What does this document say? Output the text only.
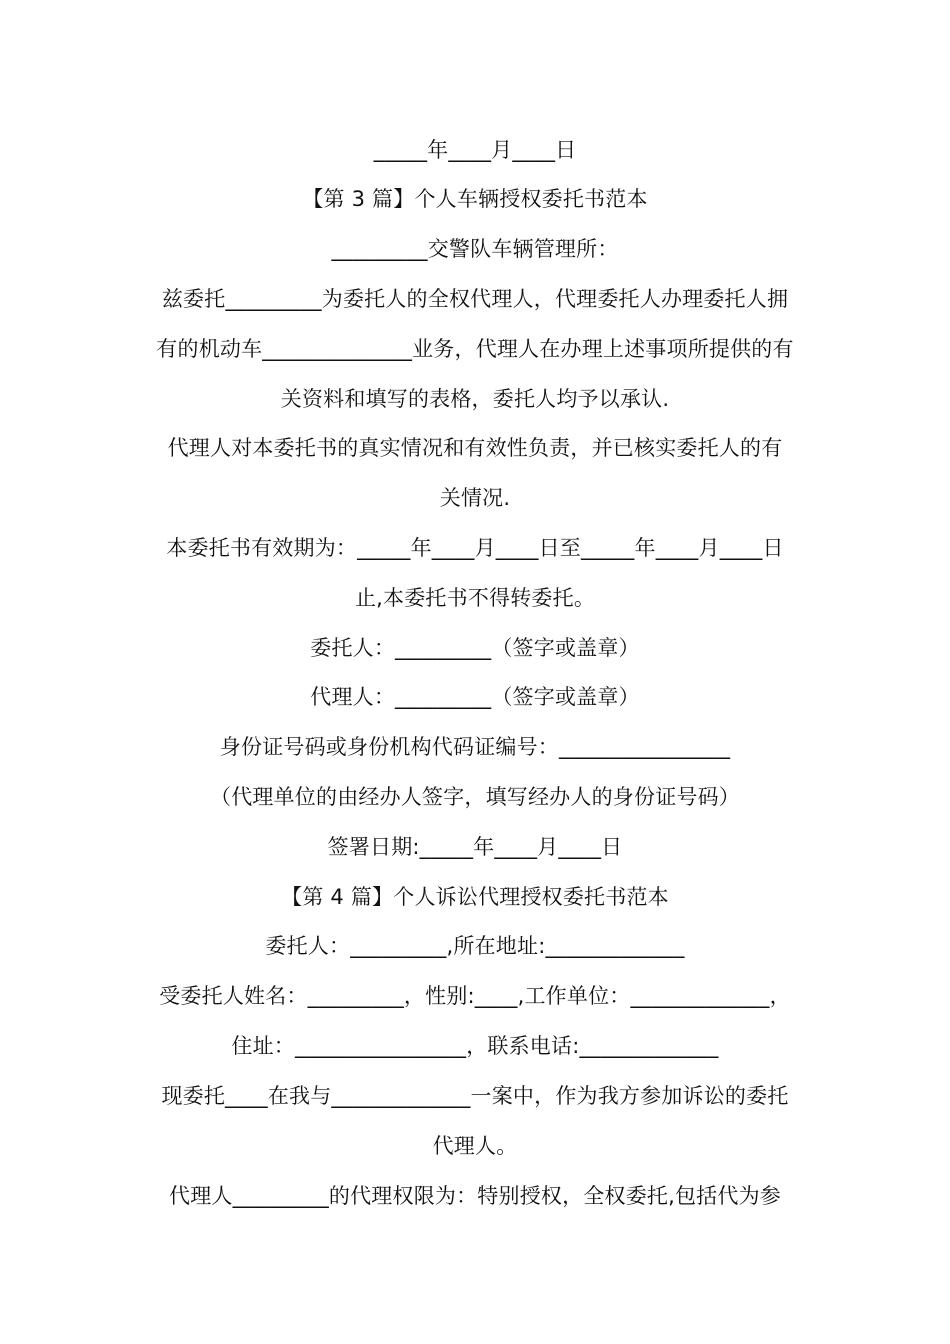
_____年____月____日
【第 3 篇】个人车辆授权委托书范本
_________交警队车辆管理所：
兹委托_________为委托人的全权代理人，代理委托人办理委托人拥
有的机动车______________业务，代理人在办理上述事项所提供的有
关资料和填写的表格，委托人均予以承认.
代理人对本委托书的真实情况和有效性负责，并已核实委托人的有
关情况.
本委托书有效期为：_____年____月____日至_____年____月____日
止,本委托书不得转委托。
委托人：_________（签字或盖章）
代理人：_________（签字或盖章）
身份证号码或身份机构代码证编号：________________
（代理单位的由经办人签字，填写经办人的身份证号码）
签署日期:_____年____月____日
【第 4 篇】个人诉讼代理授权委托书范本
委托人：_________,所在地址:_____________
受委托人姓名：_________，性别:____,工作单位：_____________，
住址：________________，联系电话:_____________
现委托____在我与_____________一案中，作为我方参加诉讼的委托
代理人。
代理人_________的代理权限为：特别授权，全权委托,包括代为参
